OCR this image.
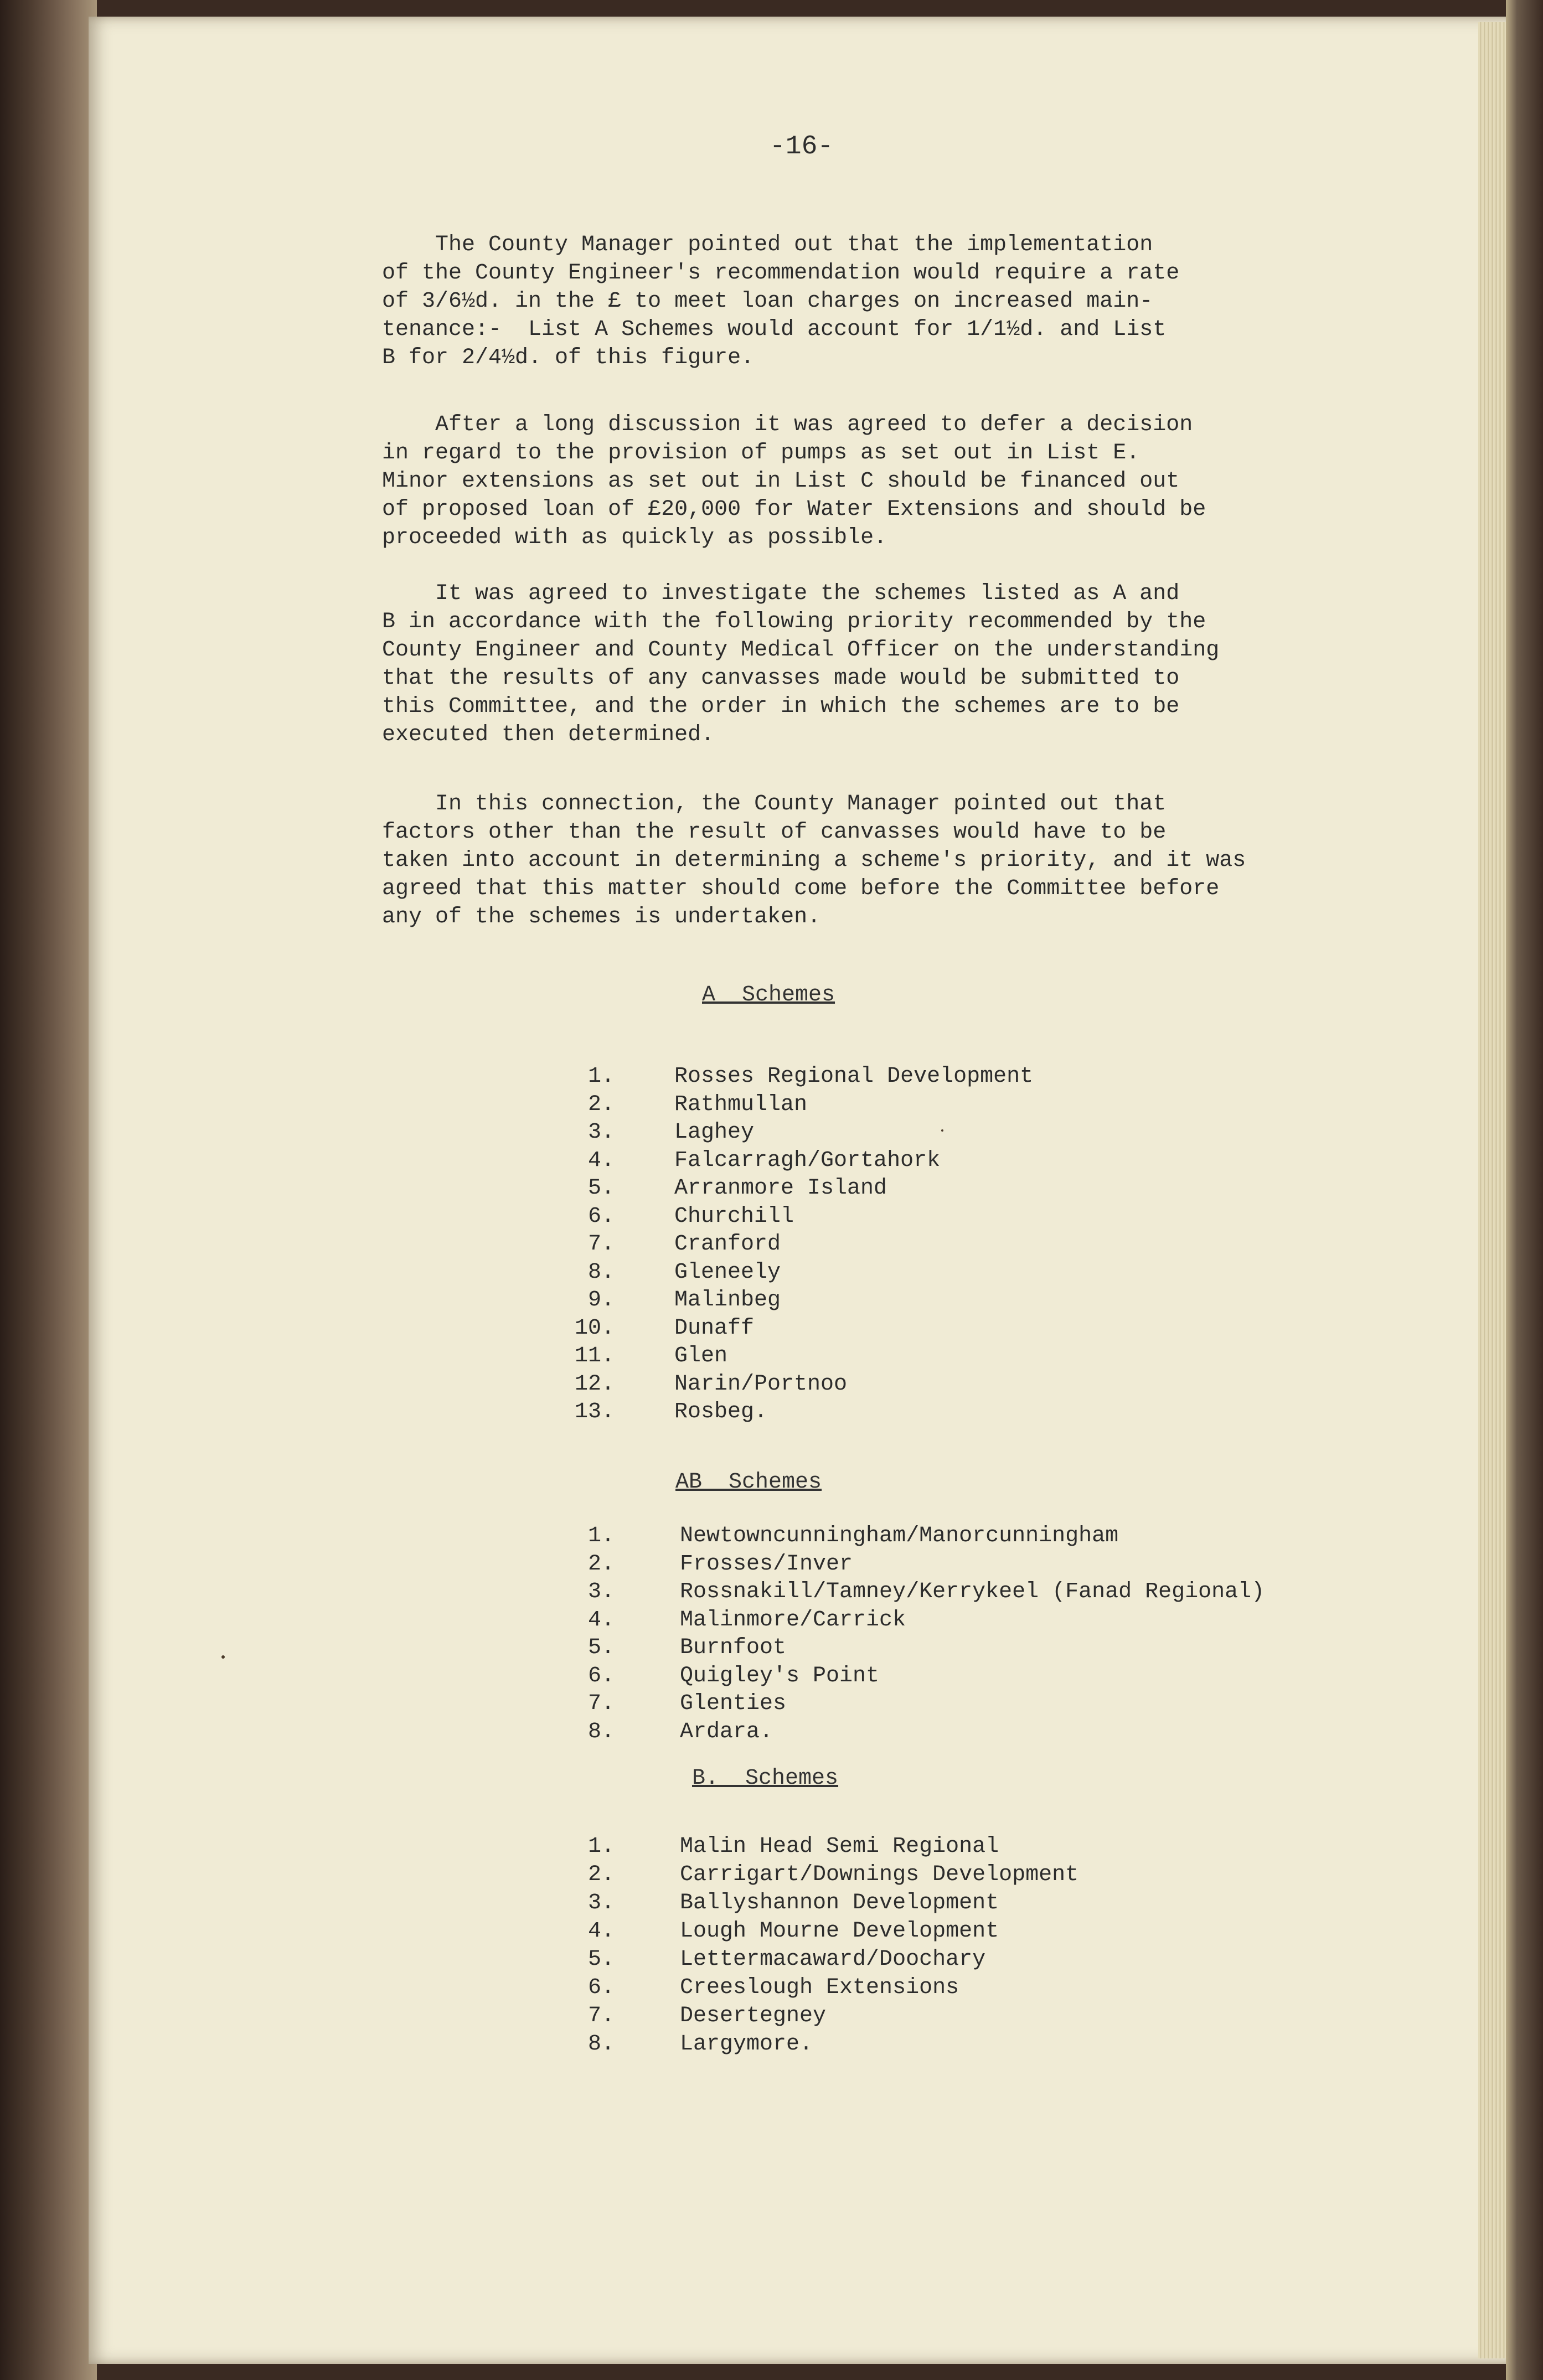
-16-
The County Manager pointed out that the implementation
of the County Engineer's recommendation would require a rate
of 3/6½d. in the £ to meet loan charges on increased main-
tenance:-  List A Schemes would account for 1/1½d. and List
B for 2/4½d. of this figure.
After a long discussion it was agreed to defer a decision
in regard to the provision of pumps as set out in List E.
Minor extensions as set out in List C should be financed out
of proposed loan of £20,000 for Water Extensions and should be
proceeded with as quickly as possible.
It was agreed to investigate the schemes listed as A and
B in accordance with the following priority recommended by the
County Engineer and County Medical Officer on the understanding
that the results of any canvasses made would be submitted to
this Committee, and the order in which the schemes are to be
executed then determined.
In this connection, the County Manager pointed out that
factors other than the result of canvasses would have to be
taken into account in determining a scheme's priority, and it was
agreed that this matter should come before the Committee before
any of the schemes is undertaken.
A  Schemes
1.	Rosses Regional Development
2.	Rathmullan
3.	Laghey
4.	Falcarragh/Gortahork
5.	Arranmore Island
6.	Churchill
7.	Cranford
8.	Gleneely
9.	Malinbeg
10.	Dunaff
11.	Glen
12.	Narin/Portnoo
13.	Rosbeg.
AB  Schemes
1.	Newtowncunningham/Manorcunningham
2.	Frosses/Inver
3.	Rossnakill/Tamney/Kerrykeel (Fanad Regional)
4.	Malinmore/Carrick
5.	Burnfoot
6.	Quigley's Point
7.	Glenties
8.	Ardara.
B.  Schemes
1.	Malin Head Semi Regional
2.	Carrigart/Downings Development
3.	Ballyshannon Development
4.	Lough Mourne Development
5.	Lettermacaward/Doochary
6.	Creeslough Extensions
7.	Desertegney
8.	Largymore.
